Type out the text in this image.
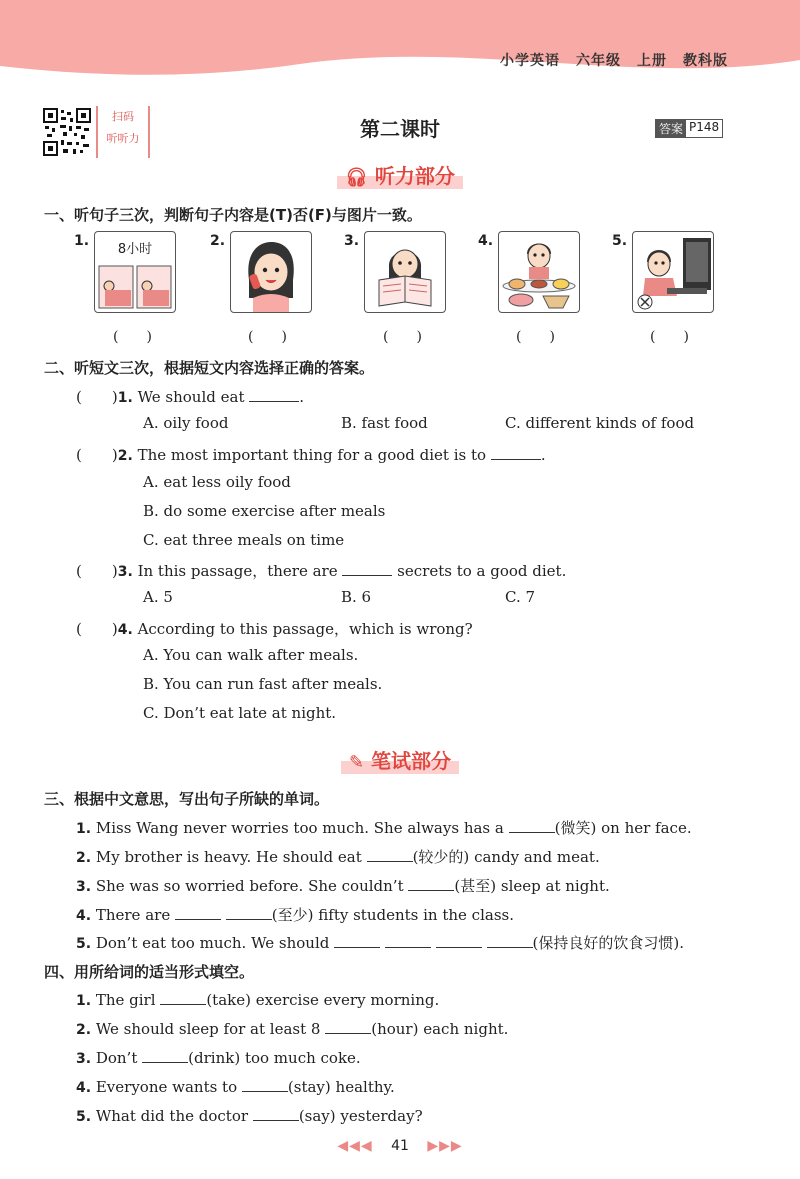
小学英语 六年级 上册 教科版
扫码
听听力	第二课时	答案 P148
🎧︎ 听力部分
一、听句子三次，判断句子内容是(T)否(F)与图片一致。
1.
8小时
(　　)
2.
(　　)
3.
(　　)
4.
(　　)
5.
(　　)
二、听短文三次，根据短文内容选择正确的答案。
(　　)1. We should eat	.
A. oily food	B. fast food	C. different kinds of food
(　　)2. The most important thing for a good diet is to	.
A. eat less oily food
B. do some exercise after meals
C. eat three meals on time
(　　)3. In this passage，there are	secrets to a good diet.
A. 5	B. 6	C. 7
(　　)4. According to this passage，which is wrong?
A. You can walk after meals.
B. You can run fast after meals.
C. Don’t eat late at night.
✎ 笔试部分
三、根据中文意思，写出句子所缺的单词。
1. Miss Wang never worries too much. She always has a	(微笑) on her face.
2. My brother is heavy. He should eat	(较少的) candy and meat.
3. She was so worried before. She couldn’t	(甚至) sleep at night.
4. There are	(至少) fifty students in the class.
5. Don’t eat too much. We should	(保持良好的饮食习惯).
四、用所给词的适当形式填空。
1. The girl	(take) exercise every morning.
2. We should sleep for at least 8	(hour) each night.
3. Don’t	(drink) too much coke.
4. Everyone wants to	(stay) healthy.
5. What did the doctor	(say) yesterday?
◀◀◀ 41 ▶▶▶
